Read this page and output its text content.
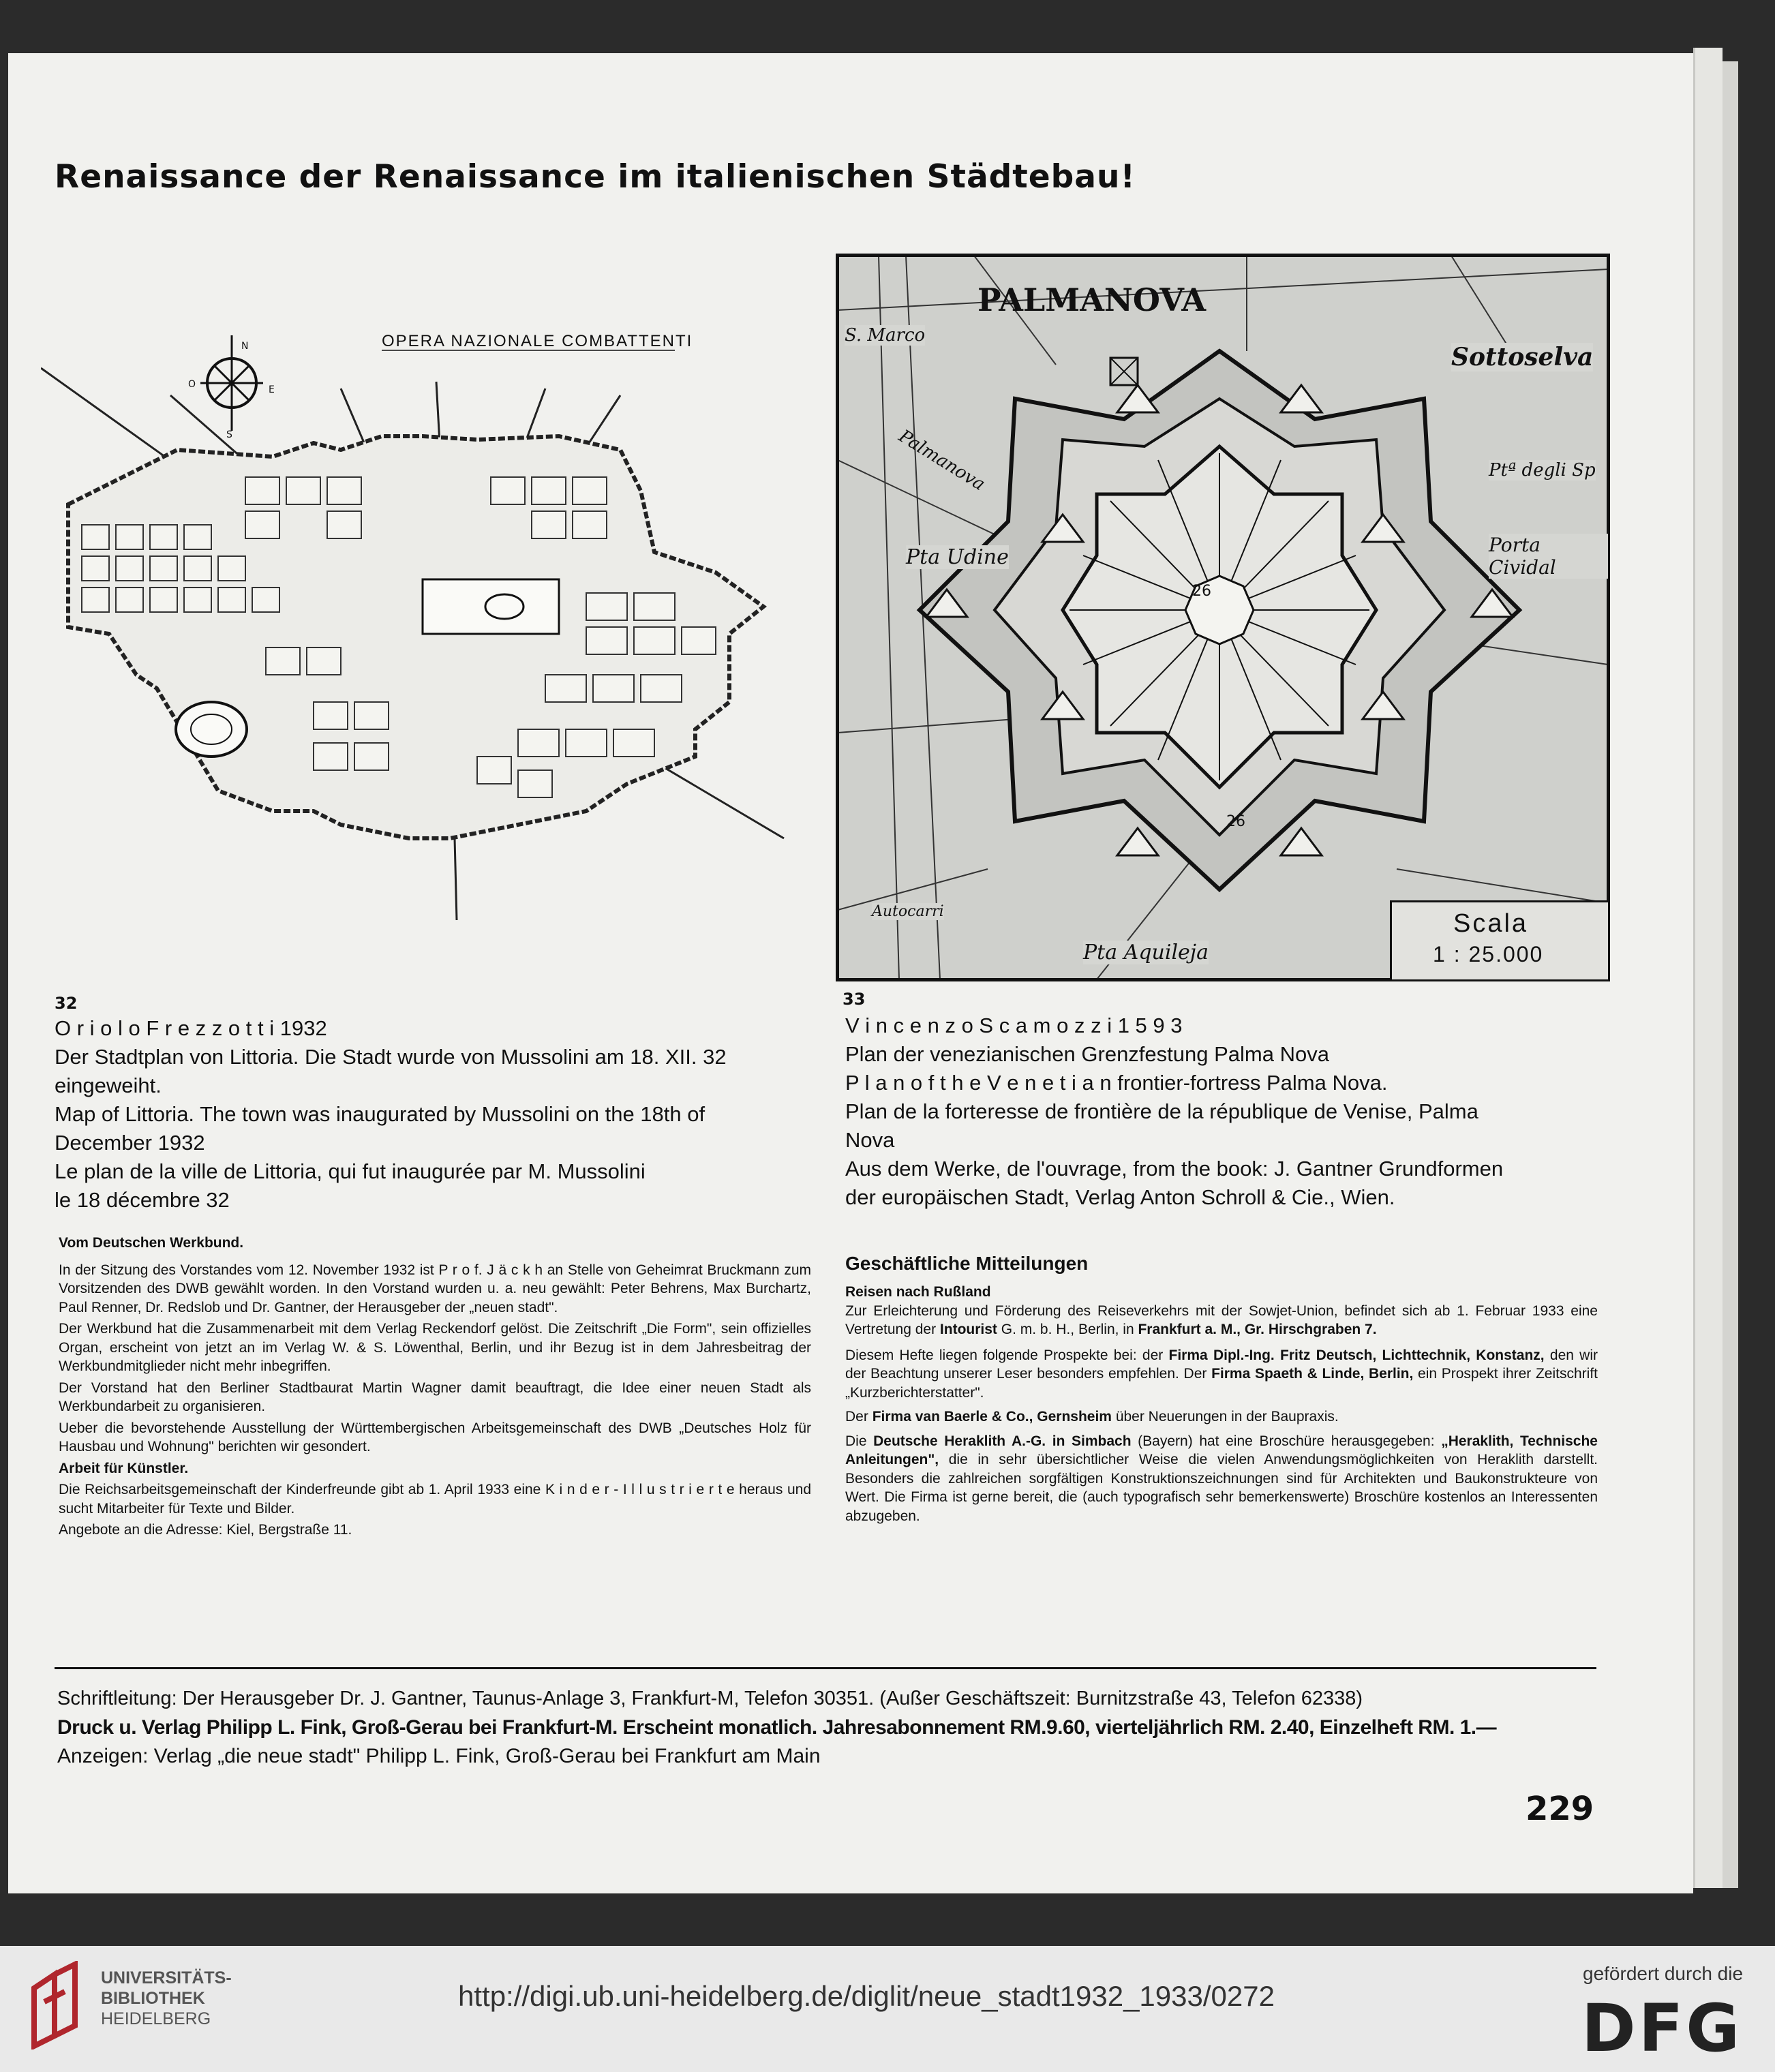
Renaissance der Renaissance im italienischen Städtebau!
OPERA NAZIONALE COMBATTENTI
N
O	E
S
PALMANOVA
S. Marco
Sottoselva
Palmanova
Pta Udine
Ptª degli Sp
Porta Cividal
Pta Aquileja
Autocarri
26
26
Scala
1 : 25.000
32
O r i o l o F r e z z o t t i 1932
Der Stadtplan von Littoria. Die Stadt wurde von Mussolini am 18. XII. 32
eingeweiht.
Map of Littoria. The town was inaugurated by Mussolini on the 18th of
December 1932
Le plan de la ville de Littoria, qui fut inaugurée par M. Mussolini
le 18 décembre 32
33
V i n c e n z o S c a m o z z i 1 5 9 3
Plan der venezianischen Grenzfestung Palma Nova
P l a n o f t h e V e n e t i a n frontier-fortress Palma Nova.
Plan de la forteresse de frontière de la république de Venise, Palma
Nova
Aus dem Werke, de l'ouvrage, from the book: J. Gantner Grundformen
der europäischen Stadt, Verlag Anton Schroll & Cie., Wien.

Vom Deutschen Werkbund.

In der Sitzung des Vorstandes vom 12. November 1932 ist P r o f. J ä c k h an Stelle von Geheimrat Bruckmann zum Vorsitzenden des DWB gewählt worden. In den Vorstand wurden u. a. neu gewählt: Peter Behrens, Max Burchartz, Paul Renner, Dr. Redslob und Dr. Gantner, der Herausgeber der „neuen stadt".

Der Werkbund hat die Zusammenarbeit mit dem Verlag Reckendorf gelöst. Die Zeitschrift „Die Form", sein offizielles Organ, erscheint von jetzt an im Verlag W. & S. Löwenthal, Berlin, und ihr Bezug ist in dem Jahresbeitrag der Werkbundmitglieder nicht mehr inbegriffen.

Der Vorstand hat den Berliner Stadtbaurat Martin Wagner damit beauftragt, die Idee einer neuen Stadt als Werkbundarbeit zu organisieren.

Ueber die bevorstehende Ausstellung der Württembergischen Arbeitsgemeinschaft des DWB „Deutsches Holz für Hausbau und Wohnung" berichten wir gesondert.

Arbeit für Künstler.

Die Reichsarbeitsgemeinschaft der Kinderfreunde gibt ab 1. April 1933 eine K i n d e r - I l l u s t r i e r t e heraus und sucht Mitarbeiter für Texte und Bilder.

Angebote an die Adresse: Kiel, Bergstraße 11.

Geschäftliche Mitteilungen

Reisen nach Rußland

Zur Erleichterung und Förderung des Reiseverkehrs mit der Sowjet-Union, befindet sich ab 1. Februar 1933 eine Vertretung der Intourist G. m. b. H., Berlin, in Frankfurt a. M., Gr. Hirschgraben 7.

Diesem Hefte liegen folgende Prospekte bei: der Firma Dipl.-Ing. Fritz Deutsch, Lichttechnik, Konstanz, den wir der Beachtung unserer Leser besonders empfehlen. Der Firma Spaeth & Linde, Berlin, ein Prospekt ihrer Zeitschrift „Kurzberichterstatter".

Der Firma van Baerle & Co., Gernsheim über Neuerungen in der Baupraxis.

Die Deutsche Heraklith A.-G. in Simbach (Bayern) hat eine Broschüre herausgegeben: „Heraklith, Technische Anleitungen", die in sehr übersichtlicher Weise die vielen Anwendungsmöglichkeiten von Heraklith darstellt. Besonders die zahlreichen sorgfältigen Konstruktionszeichnungen sind für Architekten und Baukonstrukteure von Wert. Die Firma ist gerne bereit, die (auch typografisch sehr bemerkenswerte) Broschüre kostenlos an Interessenten abzugeben.

Schriftleitung: Der Herausgeber Dr. J. Gantner, Taunus-Anlage 3, Frankfurt-M, Telefon 30351. (Außer Geschäftszeit: Burnitzstraße 43, Telefon 62338)
Druck u. Verlag Philipp L. Fink, Groß-Gerau bei Frankfurt-M. Erscheint monatlich. Jahresabonnement RM.9.60, vierteljährlich RM. 2.40, Einzelheft RM. 1.—
Anzeigen: Verlag „die neue stadt" Philipp L. Fink, Groß-Gerau bei Frankfurt am Main
229
UNIVERSITÄTS-
BIBLIOTHEK
HEIDELBERG
http://digi.ub.uni-heidelberg.de/diglit/neue_stadt1932_1933/0272
gefördert durch die
DFG
